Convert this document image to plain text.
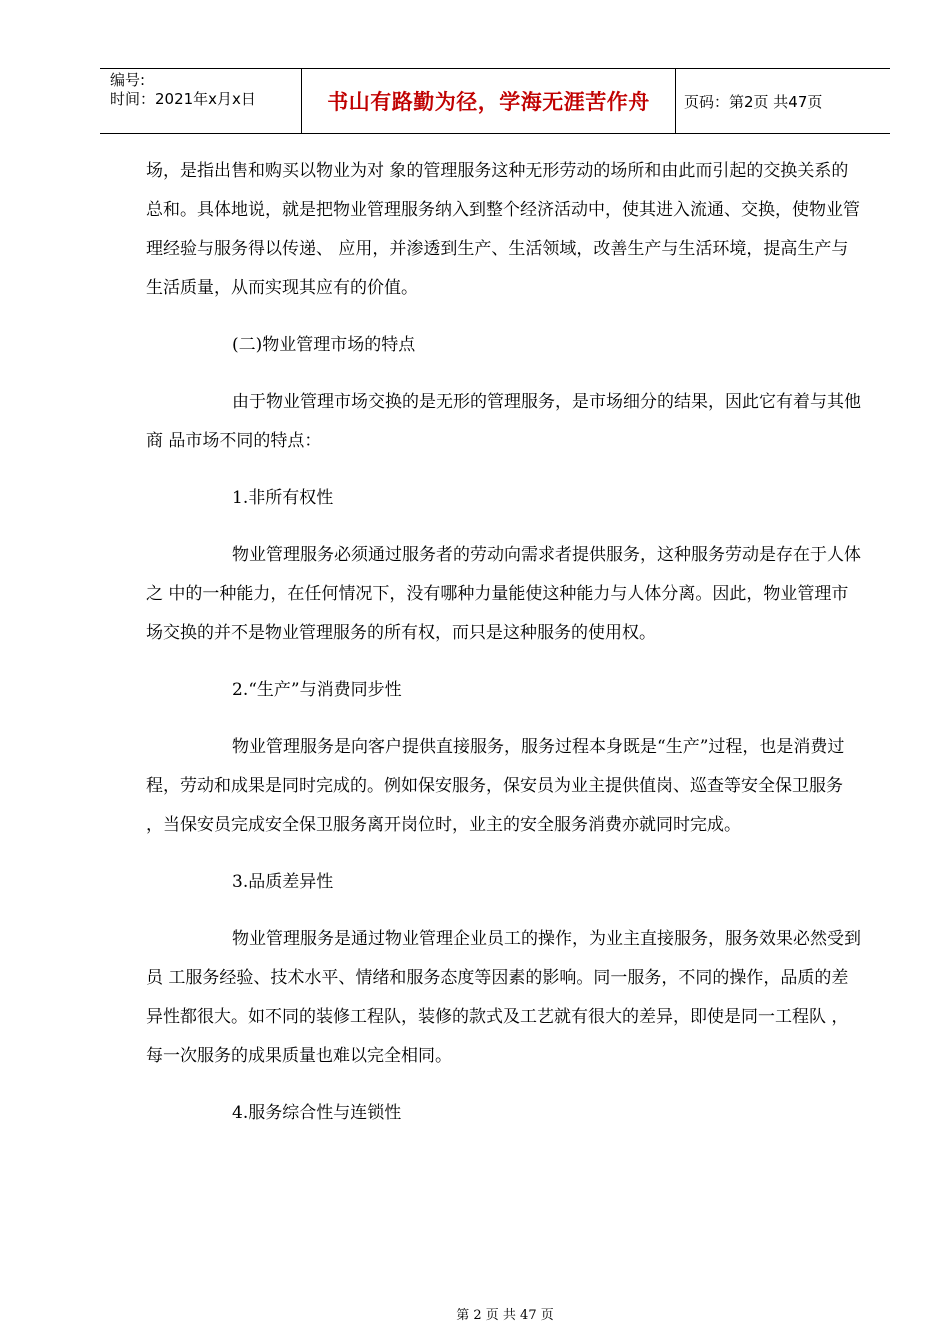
编号:
时间：2021年x月x日	书山有路勤为径，学海无涯苦作舟	页码：第2页 共47页

场，是指出售和购买以物业为对 象的管理服务这种无形劳动的场所和由此而引起的交换关系的总和。具体地说，就是把物业管理服务纳入到整个经济活动中，使其进入流通、交换，使物业管理经验与服务得以传递、 应用，并渗透到生产、生活领域，改善生产与生活环境，提高生产与生活质量，从而实现其应有的价值。

(二)物业管理市场的特点

由于物业管理市场交换的是无形的管理服务，是市场细分的结果，因此它有着与其他商 品市场不同的特点：

1.非所有权性

物业管理服务必须通过服务者的劳动向需求者提供服务，这种服务劳动是存在于人体之 中的一种能力，在任何情况下，没有哪种力量能使这种能力与人体分离。因此，物业管理市场交换的并不是物业管理服务的所有权，而只是这种服务的使用权。

2.“生产”与消费同步性

物业管理服务是向客户提供直接服务，服务过程本身既是“生产”过程，也是消费过程，劳动和成果是同时完成的。例如保安服务，保安员为业主提供值岗、巡查等安全保卫服务 ，当保安员完成安全保卫服务离开岗位时，业主的安全服务消费亦就同时完成。

3.品质差异性

物业管理服务是通过物业管理企业员工的操作，为业主直接服务，服务效果必然受到员 工服务经验、技术水平、情绪和服务态度等因素的影响。同一服务，不同的操作，品质的差异性都很大。如不同的装修工程队，装修的款式及工艺就有很大的差异，即使是同一工程队 ，每一次服务的成果质量也难以完全相同。

4.服务综合性与连锁性

第 2 页 共 47 页
